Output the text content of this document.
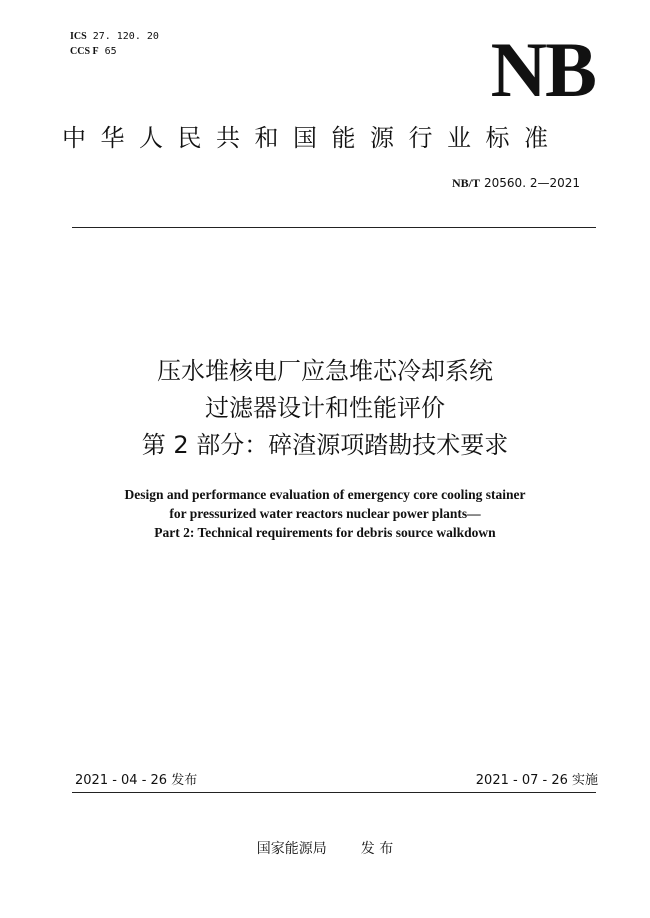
ICS 27. 120. 20
CCS F 65	NB
中华人民共和国能源行业标准
NB/T 20560. 2—2021
压水堆核电厂应急堆芯冷却系统
过滤器设计和性能评价
第 2 部分：碎渣源项踏勘技术要求
Design and performance evaluation of emergency core cooling stainer
for pressurized water reactors nuclear power plants—
Part 2: Technical requirements for debris source walkdown
2021 - 04 - 26 发布	2021 - 07 - 26 实施
国家能源局 发 布
